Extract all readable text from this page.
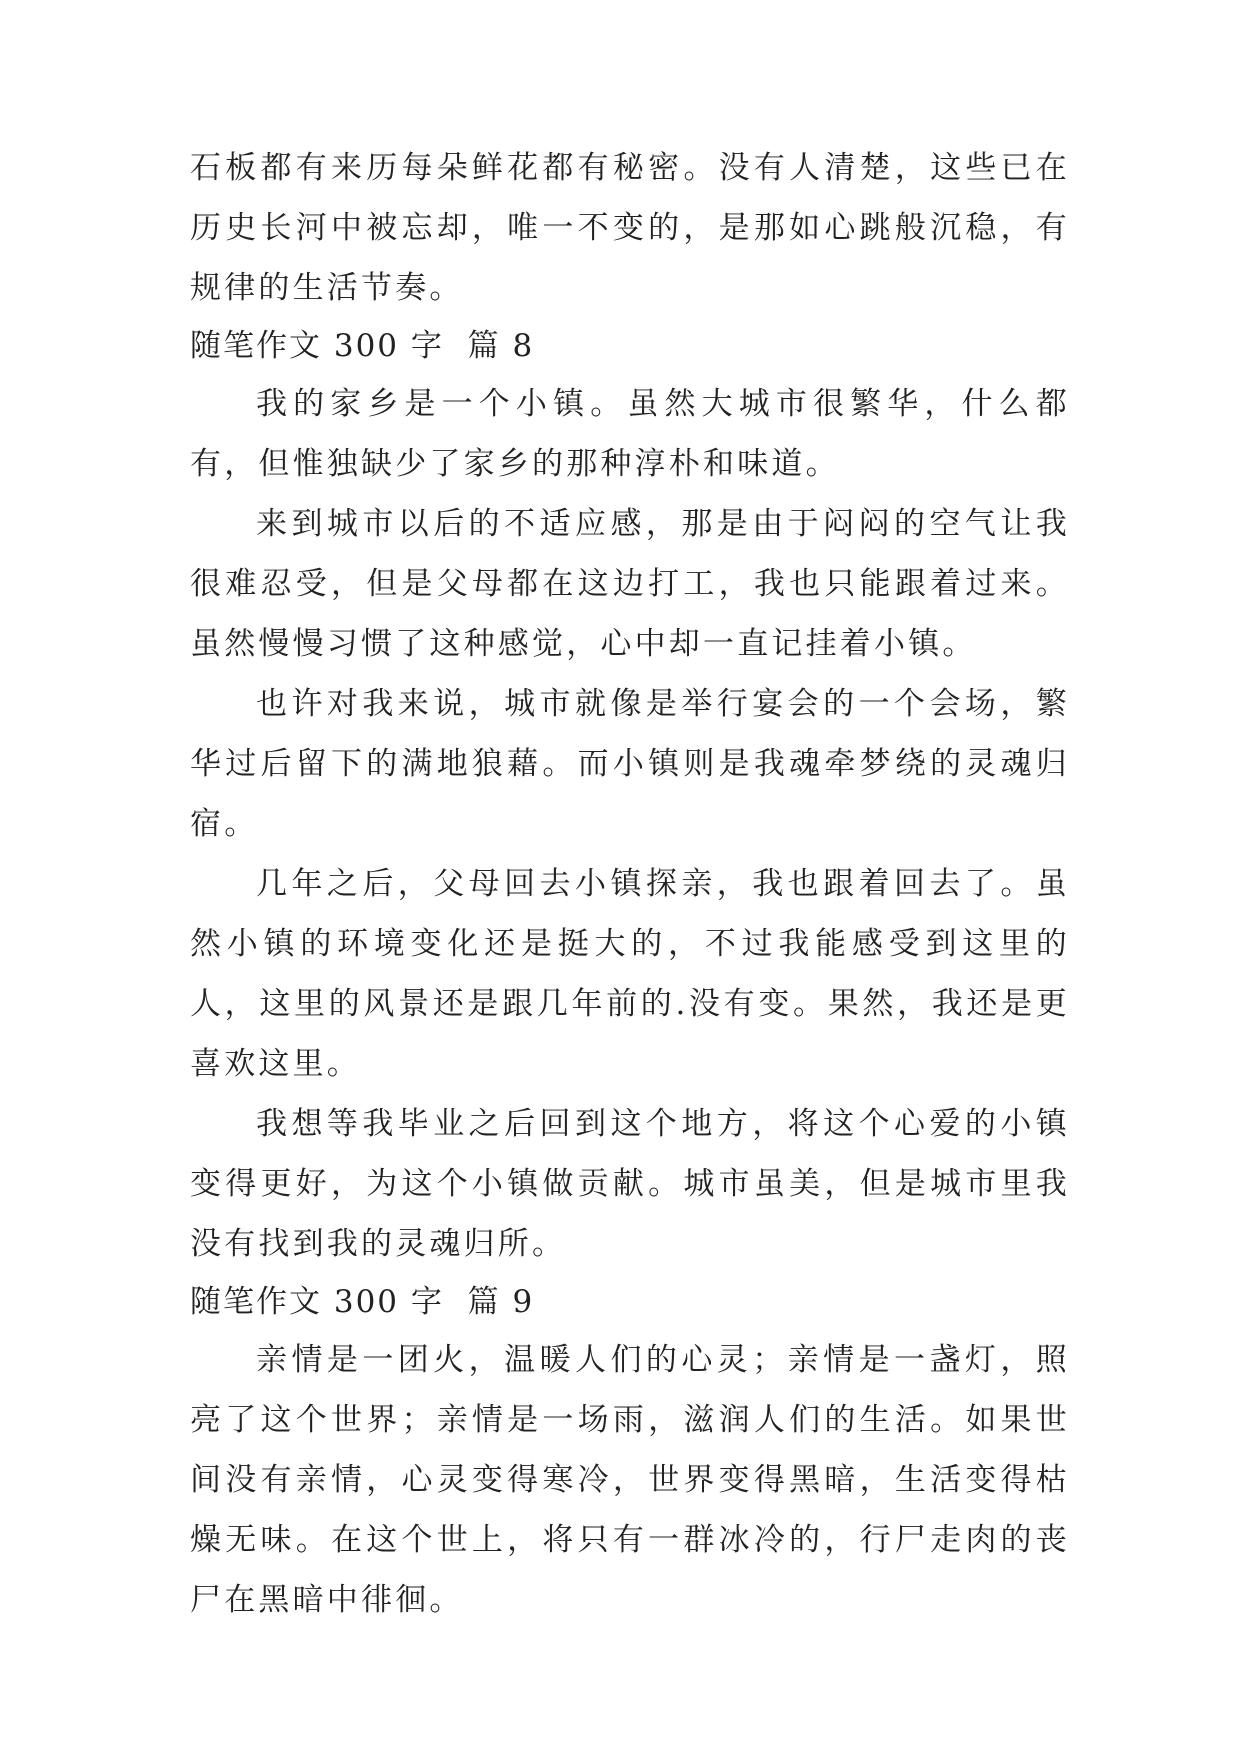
石板都有来历每朵鲜花都有秘密。没有人清楚，这些已在历史长河中被忘却，唯一不变的，是那如心跳般沉稳，有规律的生活节奏。

随笔作文 300 字 篇 8

我的家乡是一个小镇。虽然大城市很繁华，什么都有，但惟独缺少了家乡的那种淳朴和味道。

来到城市以后的不适应感，那是由于闷闷的空气让我很难忍受，但是父母都在这边打工，我也只能跟着过来。虽然慢慢习惯了这种感觉，心中却一直记挂着小镇。

也许对我来说，城市就像是举行宴会的一个会场，繁华过后留下的满地狼藉。而小镇则是我魂牵梦绕的灵魂归宿。

几年之后，父母回去小镇探亲，我也跟着回去了。虽然小镇的环境变化还是挺大的，不过我能感受到这里的人，这里的风景还是跟几年前的.没有变。果然，我还是更喜欢这里。

我想等我毕业之后回到这个地方，将这个心爱的小镇变得更好，为这个小镇做贡献。城市虽美，但是城市里我没有找到我的灵魂归所。

随笔作文 300 字 篇 9

亲情是一团火，温暖人们的心灵；亲情是一盏灯，照亮了这个世界；亲情是一场雨，滋润人们的生活。如果世间没有亲情，心灵变得寒冷，世界变得黑暗，生活变得枯燥无味。在这个世上，将只有一群冰冷的，行尸走肉的丧尸在黑暗中徘徊。
